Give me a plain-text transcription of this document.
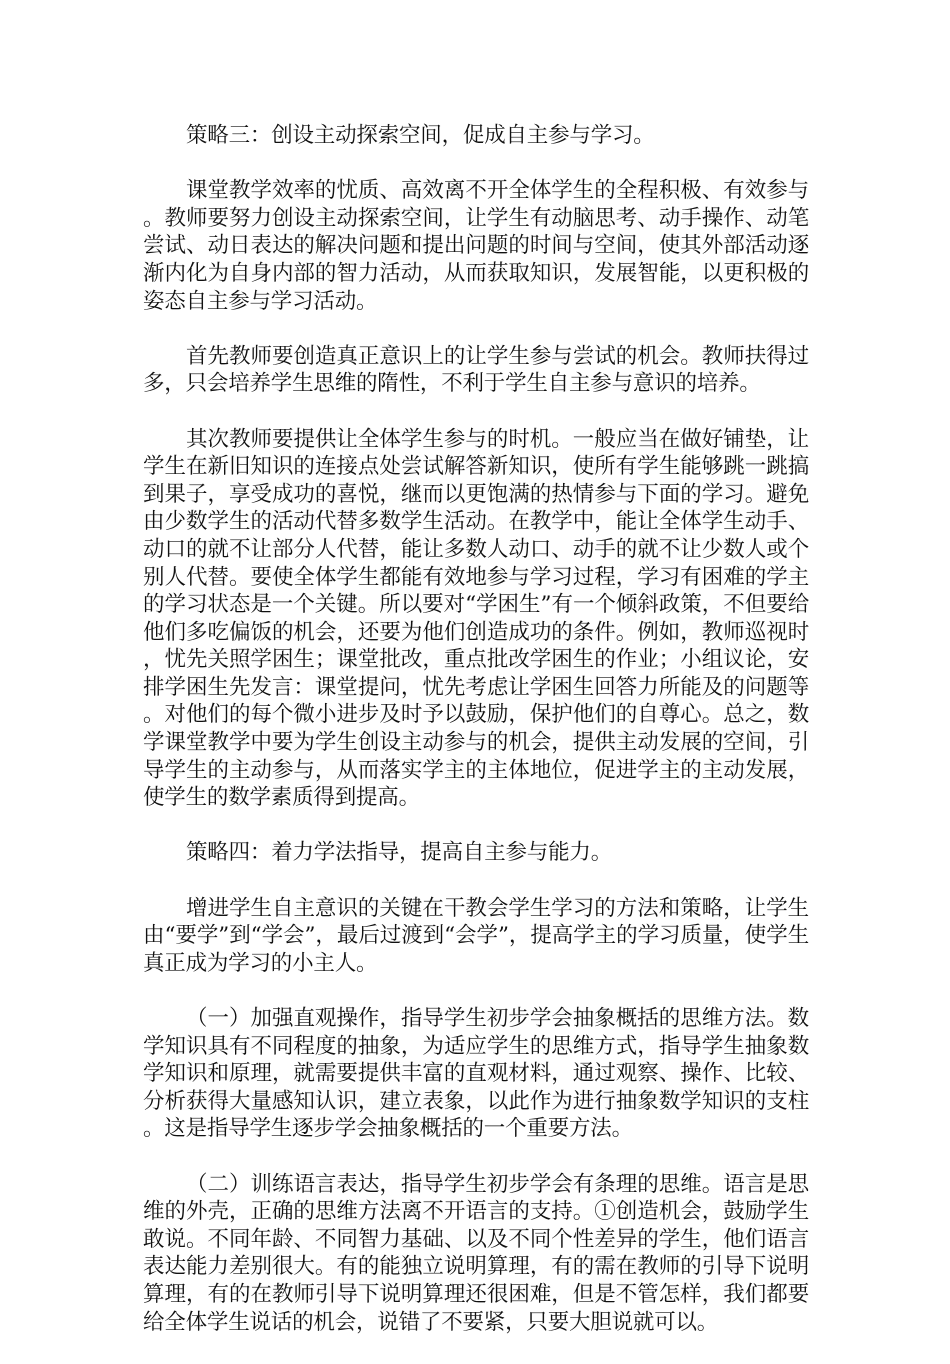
策略三：创设主动探索空间，促成自主参与学习。

课堂教学效率的忧质、高效离不开全体学生的全程积极、有效参与。教师要努力创设主动探索空间，让学生有动脑思考、动手操作、动笔尝试、动日表达的解决问题和提出问题的时间与空间，使其外部活动逐渐内化为自身内部的智力活动，从而获取知识，发展智能，以更积极的姿态自主参与学习活动。

首先教师要创造真正意识上的让学生参与尝试的机会。教师扶得过多，只会培养学生思维的隋性，不利于学生自主参与意识的培养。

其次教师要提供让全体学生参与的时机。一般应当在做好铺垫，让学生在新旧知识的连接点处尝试解答新知识，使所有学生能够跳一跳搞到果子，享受成功的喜悦，继而以更饱满的热情参与下面的学习。避免由少数学生的活动代替多数学生活动。在教学中，能让全体学生动手、动口的就不让部分人代替，能让多数人动口、动手的就不让少数人或个别人代替。要使全体学生都能有效地参与学习过程，学习有困难的学主的学习状态是一个关键。所以要对“学困生”有一个倾斜政策，不但要给他们多吃偏饭的机会，还要为他们创造成功的条件。例如，教师巡视时，忧先关照学困生；课堂批改，重点批改学困生的作业；小组议论，安排学困生先发言：课堂提问，忧先考虑让学困生回答力所能及的问题等。对他们的每个微小进步及时予以鼓励，保护他们的自尊心。总之，数学课堂教学中要为学生创设主动参与的机会，提供主动发展的空间，引导学生的主动参与，从而落实学主的主体地位，促进学主的主动发展，使学生的数学素质得到提高。

策略四：着力学法指导，提高自主参与能力。

增进学生自主意识的关键在干教会学生学习的方法和策略，让学生由“要学”到“学会”，最后过渡到“会学”，提高学主的学习质量，使学生真正成为学习的小主人。

（一）加强直观操作，指导学生初步学会抽象概括的思维方法。数学知识具有不同程度的抽象，为适应学生的思维方式，指导学生抽象数学知识和原理，就需要提供丰富的直观材料，通过观察、操作、比较、分析获得大量感知认识，建立表象，以此作为进行抽象数学知识的支柱。这是指导学生逐步学会抽象概括的一个重要方法。

（二）训练语言表达，指导学生初步学会有条理的思维。语言是思维的外壳，正确的思维方法离不开语言的支持。①创造机会，鼓励学生敢说。不同年龄、不同智力基础、以及不同个性差异的学生，他们语言表达能力差别很大。有的能独立说明算理，有的需在教师的引导下说明算理，有的在教师引导下说明算理还很困难，但是不管怎样，我们都要给全体学生说话的机会，说错了不要紧，只要大胆说就可以。
